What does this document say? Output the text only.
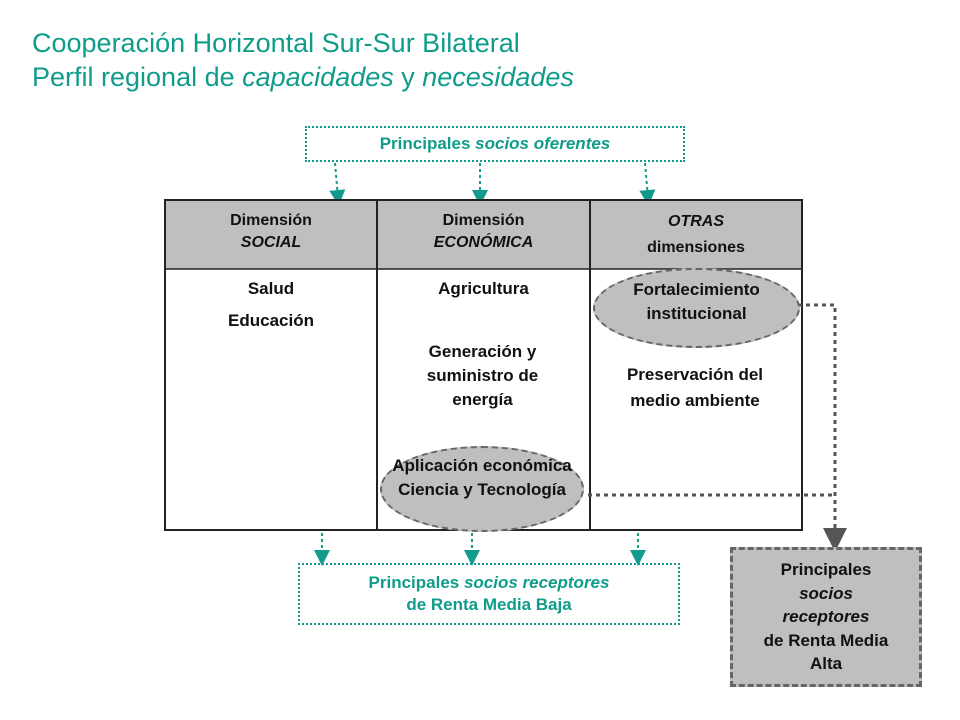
Cooperación Horizontal Sur-Sur Bilateral
Perfil regional de capacidades y necesidades
Principales socios oferentes
Dimensión
SOCIAL
Dimensión
ECONÓMICA
OTRAS
dimensiones
Salud
Educación
Agricultura
Generación y suministro de energía
Aplicación económica Ciencia y Tecnología
Fortalecimiento institucional
Preservación del medio ambiente
Principales socios receptores
de Renta Media Baja
Principales
socios
receptores
de Renta Media
Alta
